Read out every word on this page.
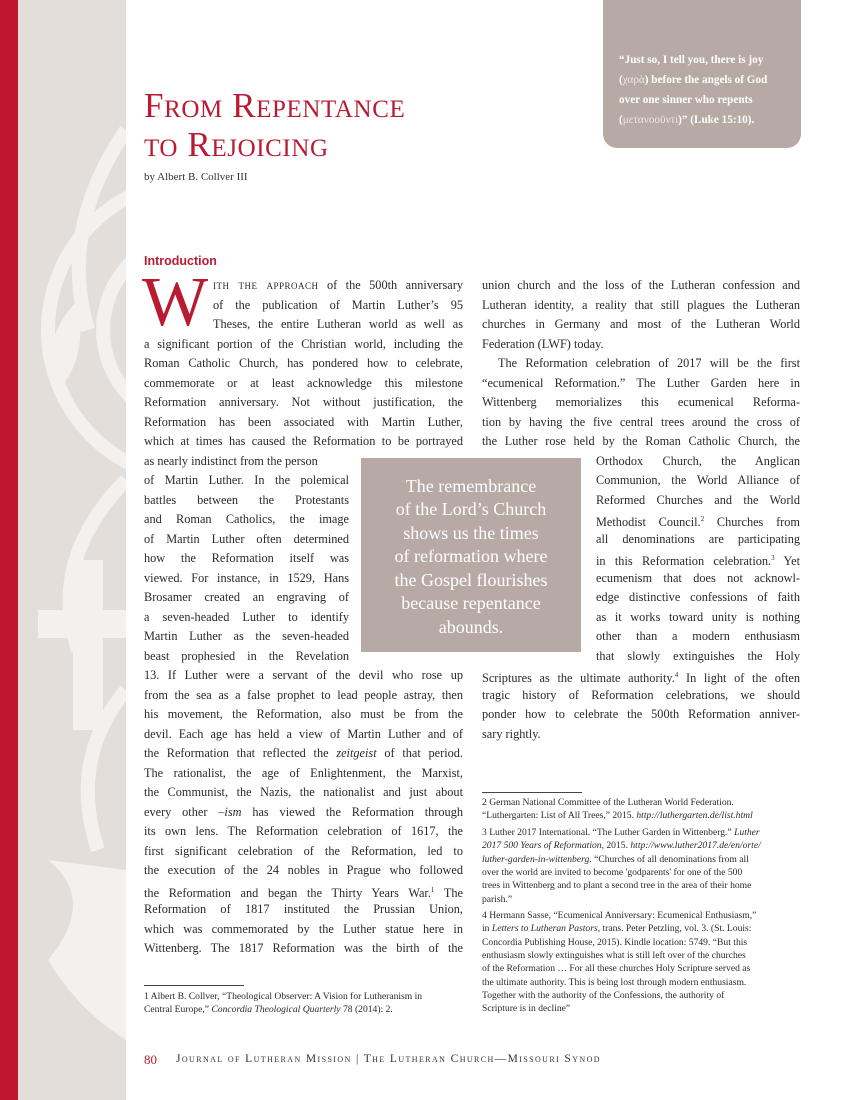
“Just so, I tell you, there is joy
(χαρὰ) before the angels of God
over one sinner who repents
(μετανοοῦντι)” (Luke 15:10).
From Repentance
to Rejoicing
by Albert B. Collver III
Introduction
W ith the approach of the 500th anniversary
of the publication of Martin Luther’s 95
Theses, the entire Lutheran world as well as
a significant portion of the Christian world, including the
Roman Catholic Church, has pondered how to celebrate,
commemorate or at least acknowledge this milestone
Reformation anniversary. Not without justification, the
Reformation has been associated with Martin Luther,
which at times has caused the Reformation to be portrayed
as nearly indistinct from the person
of Martin Luther. In the polemical
battles between the Protestants
and Roman Catholics, the image
of Martin Luther often determined
how the Reformation itself was
viewed. For instance, in 1529, Hans
Brosamer created an engraving of
a seven-headed Luther to identify
Martin Luther as the seven-headed
beast prophesied in the Revelation
13. If Luther were a servant of the devil who rose up
from the sea as a false prophet to lead people astray, then
his movement, the Reformation, also must be from the
devil. Each age has held a view of Martin Luther and of
the Reformation that reflected the zeitgeist of that period.
The rationalist, the age of Enlightenment, the Marxist,
the Communist, the Nazis, the nationalist and just about
every other –ism has viewed the Reformation through
its own lens. The Reformation celebration of 1617, the
first significant celebration of the Reformation, led to
the execution of the 24 nobles in Prague who followed
the Reformation and began the Thirty Years War.$^1$ The
Reformation of 1817 instituted the Prussian Union,
which was commemorated by the Luther statue here in
Wittenberg. The 1817 Reformation was the birth of the
The remembrance
of the Lord’s Church
shows us the times
of reformation where
the Gospel flourishes
because repentance
abounds.
union church and the loss of the Lutheran confession and
Lutheran identity, a reality that still plagues the Lutheran
churches in Germany and most of the Lutheran World
Federation (LWF) today.
The Reformation celebration of 2017 will be the first
“ecumenical Reformation.” The Luther Garden here in
Wittenberg memorializes this ecumenical Reforma-
tion by having the five central trees around the cross of
the Luther rose held by the Roman Catholic Church, the
Orthodox Church, the Anglican
Communion, the World Alliance of
Reformed Churches and the World
Methodist Council.$^2$ Churches from
all denominations are participating
in this Reformation celebration.$^3$ Yet
ecumenism that does not acknowl-
edge distinctive confessions of faith
as it works toward unity is nothing
other than a modern enthusiasm
that slowly extinguishes the Holy
Scriptures as the ultimate authority.$^4$ In light of the often
tragic history of Reformation celebrations, we should
ponder how to celebrate the 500th Reformation anniver-
sary rightly.
1 Albert B. Collver, “Theological Observer: A Vision for Lutheranism in
Central Europe,” Concordia Theological Quarterly 78 (2014): 2.
2 German National Committee of the Lutheran World Federation.
“Luthergarten: List of All Trees,” 2015. http://luthergarten.de/list.html
3 Luther 2017 International. “The Luther Garden in Wittenberg.” Luther
2017 500 Years of Reformation, 2015. http://www.luther2017.de/en/orte/
luther-garden-in-wittenberg. “Churches of all denominations from all
over the world are invited to become 'godparents' for one of the 500
trees in Wittenberg and to plant a second tree in the area of their home
parish.”
4 Hermann Sasse, “Ecumenical Anniversary: Ecumenical Enthusiasm,”
in Letters to Lutheran Pastors, trans. Peter Petzling, vol. 3. (St. Louis:
Concordia Publishing House, 2015). Kindle location: 5749. “But this
enthusiasm slowly extinguishes what is still left over of the churches
of the Reformation … For all these churches Holy Scripture served as
the ultimate authority. This is being lost through modern enthusiasm.
Together with the authority of the Confessions, the authority of
Scripture is in decline”
80 Journal of Lutheran Mission | The Lutheran Church—Missouri Synod
